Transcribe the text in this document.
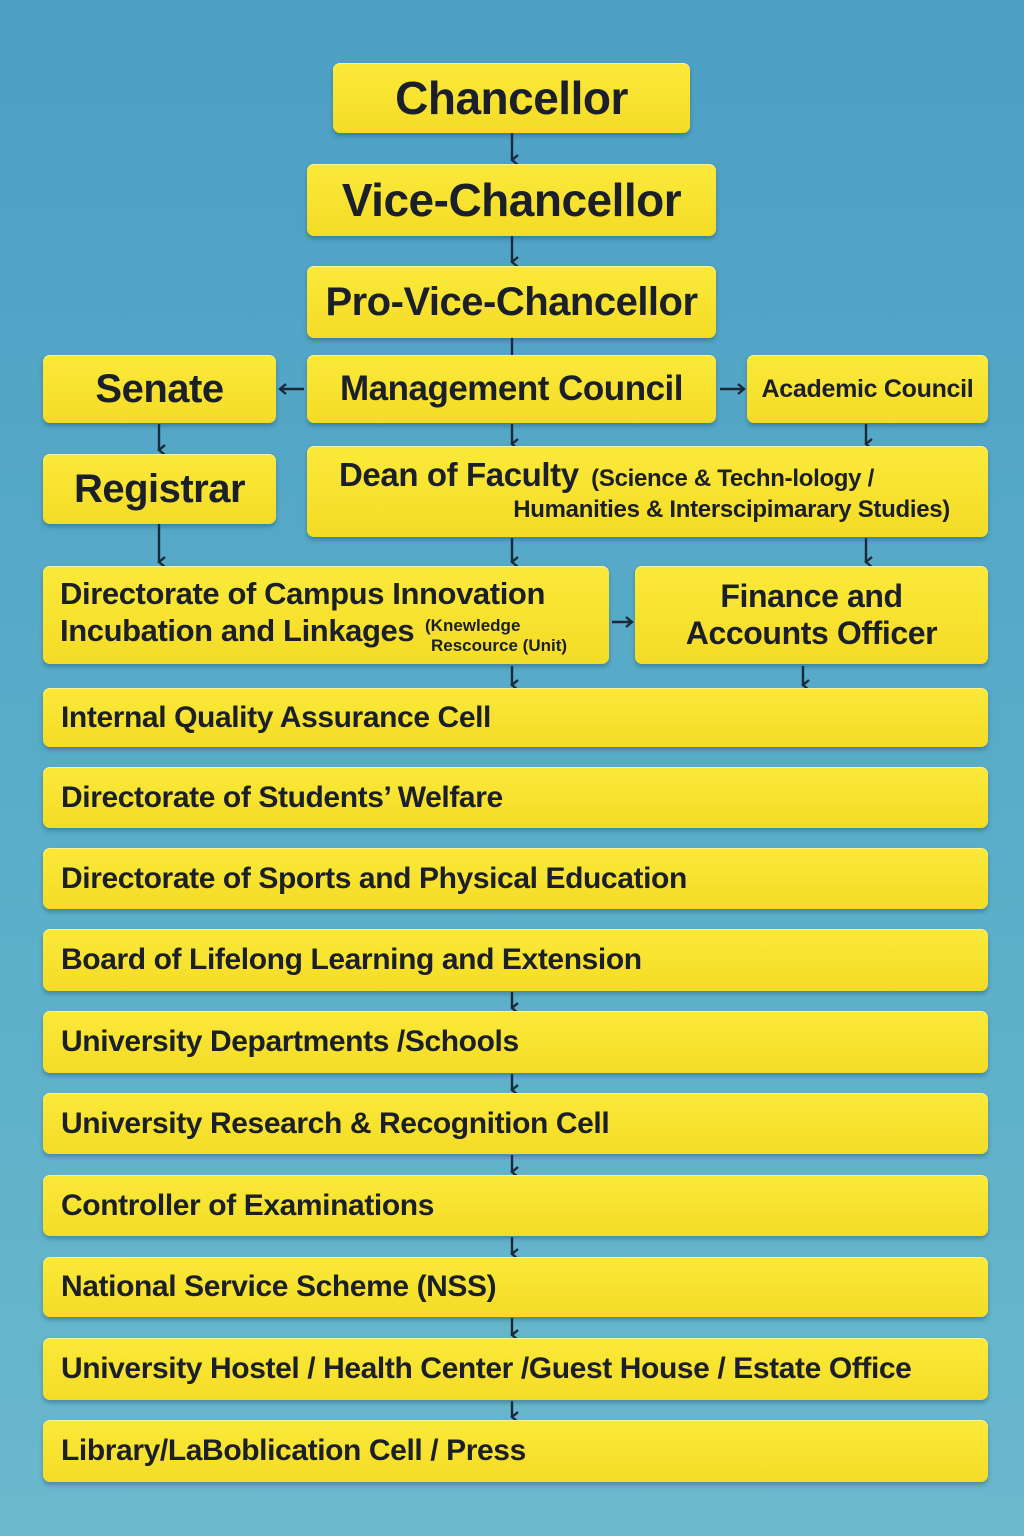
Chancellor
Vice-Chancellor
Pro-Vice-Chancellor
Senate	Management Council	Academic Council
Registrar	Dean of Faculty (Science & Techn-lology /
Humanities & Interscipimarary Studies)
Directorate of Campus Innovation
Incubation and Linkages (Knewledge
Rescource (Unit)
Finance and
Accounts Officer
Internal Quality Assurance Cell
Directorate of Students’ Welfare
Directorate of Sports and Physical Education
Board of Lifelong Learning and Extension
University Departments /Schools
University Research & Recognition Cell
Controller of Examinations
National Service Scheme (NSS)
University Hostel / Health Center /Guest House / Estate Office
Library/LaBoblication Cell / Press
